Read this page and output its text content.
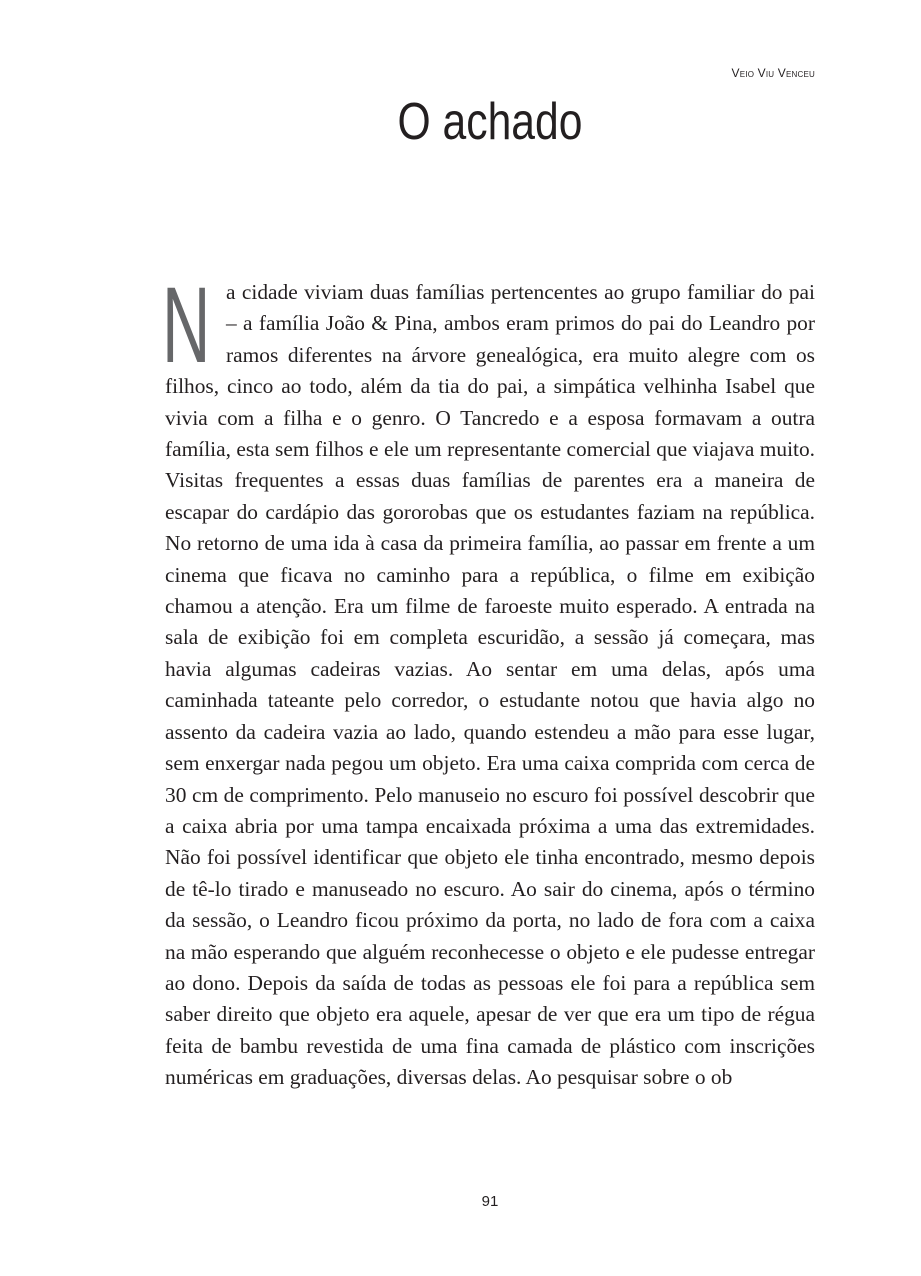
Veio Viu Venceu
O achado

Na cidade viviam duas famílias pertencentes ao grupo familiar do pai – a família João & Pina, ambos eram primos do pai do Leandro por ramos diferentes na árvore genealógica, era muito alegre com os filhos, cinco ao todo, além da tia do pai, a simpática velhinha Isabel que vivia com a filha e o genro. O Tancredo e a esposa formavam a outra família, esta sem filhos e ele um representante comercial que viajava muito. Visitas frequentes a essas duas famílias de parentes era a maneira de escapar do cardápio das gororobas que os estudantes faziam na república. No retorno de uma ida à casa da primeira família, ao passar em frente a um cinema que ficava no caminho para a república, o filme em exibição chamou a atenção. Era um filme de faroeste muito esperado. A entrada na sala de exibição foi em completa escuridão, a sessão já começara, mas havia algumas cadeiras vazias. Ao sentar em uma delas, após uma caminhada tateante pelo corredor, o estudante notou que havia algo no assento da cadeira vazia ao lado, quando estendeu a mão para esse lugar, sem enxergar nada pegou um objeto. Era uma caixa comprida com cerca de 30 cm de comprimento. Pelo manuseio no escuro foi possível descobrir que a caixa abria por uma tampa encaixada próxima a uma das extremidades. Não foi possível identificar que objeto ele tinha encontrado, mesmo depois de tê-lo tirado e manuseado no escuro. Ao sair do cinema, após o término da sessão, o Leandro ficou próximo da porta, no lado de fora com a caixa na mão esperando que alguém reconhecesse o objeto e ele pudesse entregar ao dono. Depois da saída de todas as pessoas ele foi para a república sem saber direito que objeto era aquele, apesar de ver que era um tipo de régua feita de bambu revestida de uma fina camada de plástico com inscrições numéricas em graduações, diversas delas. Ao pesquisar sobre o ob

91
